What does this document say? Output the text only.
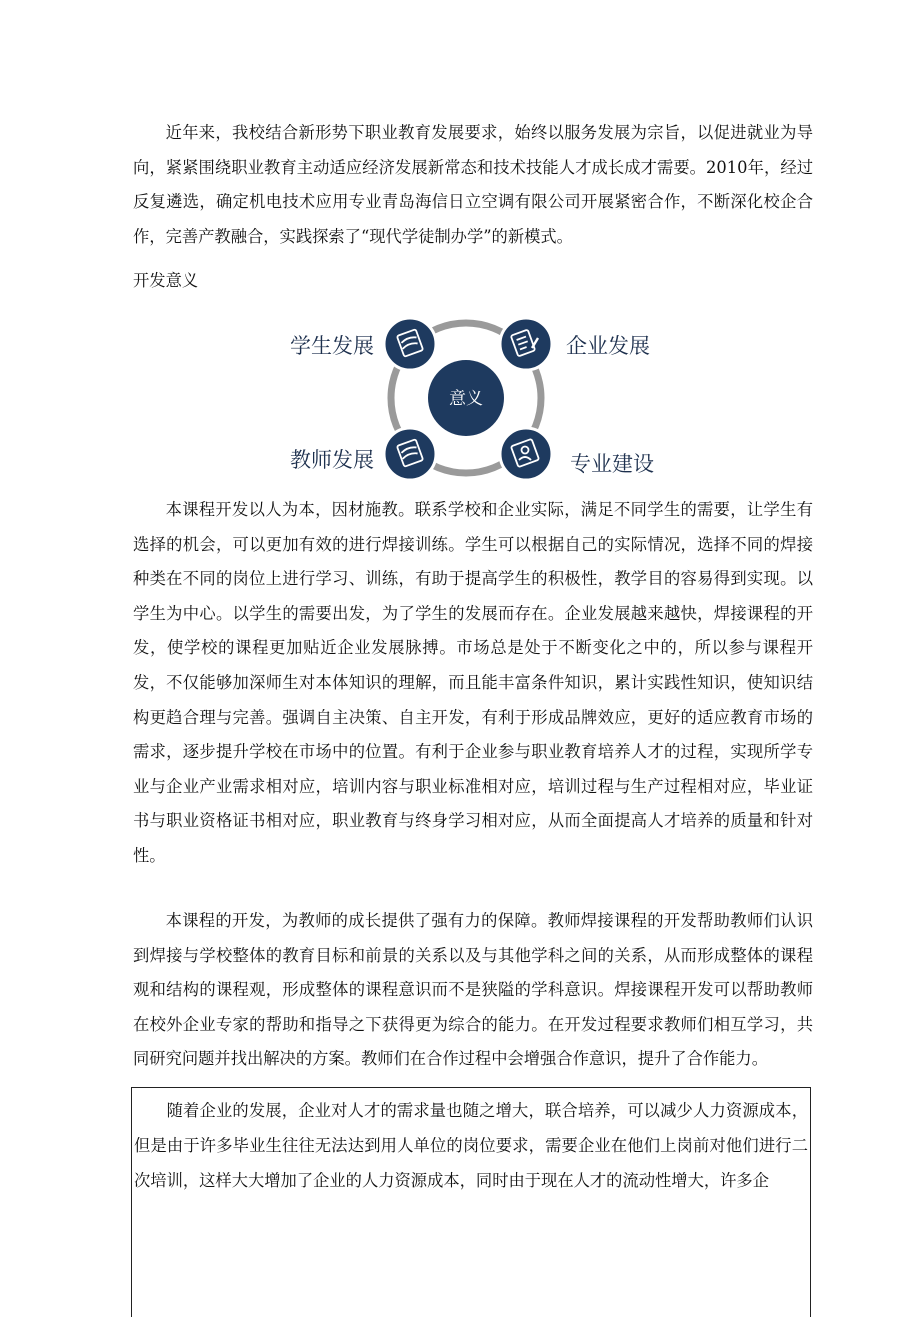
近年来，我校结合新形势下职业教育发展要求，始终以服务发展为宗旨，以促进就业为导向，紧紧围绕职业教育主动适应经济发展新常态和技术技能人才成长成才需要。2010年，经过反复遴选，确定机电技术应用专业青岛海信日立空调有限公司开展紧密合作，不断深化校企合作，完善产教融合，实践探索了“现代学徒制办学”的新模式。

开发意义

意义
学生发展	企业发展
教师发展	专业建设

本课程开发以人为本，因材施教。联系学校和企业实际，满足不同学生的需要，让学生有选择的机会，可以更加有效的进行焊接训练。学生可以根据自己的实际情况，选择不同的焊接种类在不同的岗位上进行学习、训练，有助于提高学生的积极性，教学目的容易得到实现。以学生为中心。以学生的需要出发，为了学生的发展而存在。企业发展越来越快，焊接课程的开发，使学校的课程更加贴近企业发展脉搏。市场总是处于不断变化之中的，所以参与课程开发，不仅能够加深师生对本体知识的理解，而且能丰富条件知识，累计实践性知识，使知识结构更趋合理与完善。强调自主决策、自主开发，有利于形成品牌效应，更好的适应教育市场的需求，逐步提升学校在市场中的位置。有利于企业参与职业教育培养人才的过程，实现所学专业与企业产业需求相对应，培训内容与职业标准相对应，培训过程与生产过程相对应，毕业证书与职业资格证书相对应，职业教育与终身学习相对应，从而全面提高人才培养的质量和针对性。

本课程的开发，为教师的成长提供了强有力的保障。教师焊接课程的开发帮助教师们认识到焊接与学校整体的教育目标和前景的关系以及与其他学科之间的关系，从而形成整体的课程观和结构的课程观，形成整体的课程意识而不是狭隘的学科意识。焊接课程开发可以帮助教师在校外企业专家的帮助和指导之下获得更为综合的能力。在开发过程要求教师们相互学习，共同研究问题并找出解决的方案。教师们在合作过程中会增强合作意识，提升了合作能力。

随着企业的发展，企业对人才的需求量也随之增大，联合培养，可以减少人力资源成本，但是由于许多毕业生往往无法达到用人单位的岗位要求，需要企业在他们上岗前对他们进行二次培训，这样大大增加了企业的人力资源成本，同时由于现在人才的流动性增大，许多企
